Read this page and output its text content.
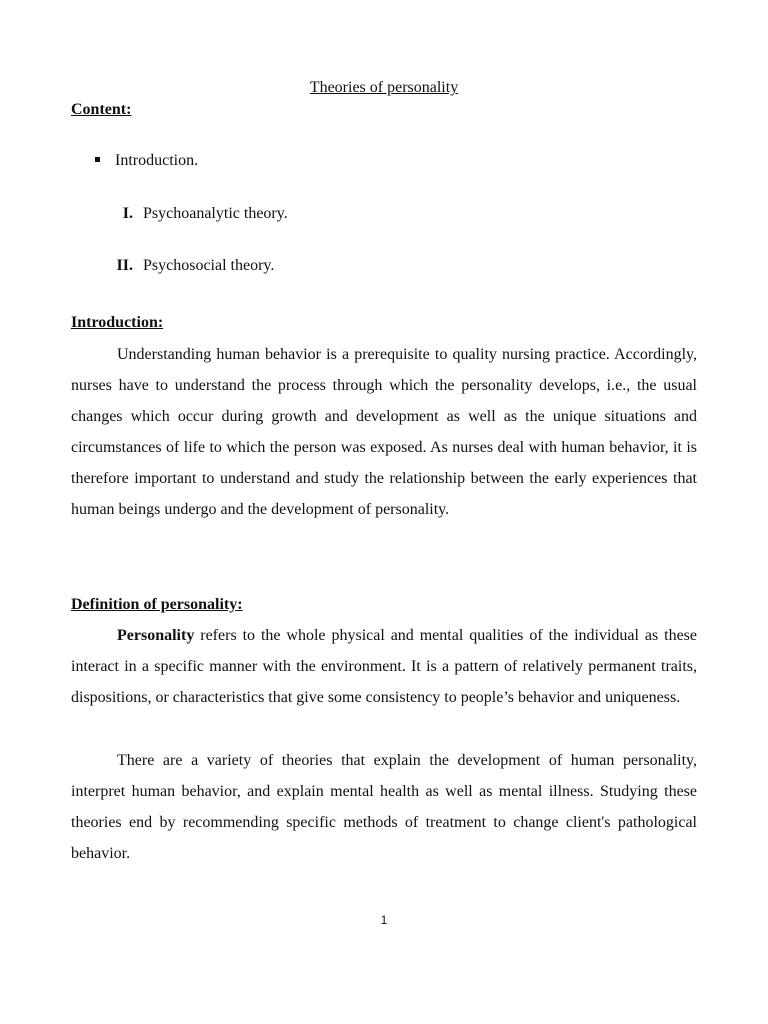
Theories of personality
Content:
Introduction.
I. Psychoanalytic theory.
II. Psychosocial theory.
Introduction:

Understanding human behavior is a prerequisite to quality nursing practice. Accordingly, nurses have to understand the process through which the personality develops, i.e., the usual changes which occur during growth and development as well as the unique situations and circumstances of life to which the person was exposed. As nurses deal with human behavior, it is therefore important to understand and study the relationship between the early experiences that human beings undergo and the development of personality.

Definition of personality:

Personality refers to the whole physical and mental qualities of the individual as these interact in a specific manner with the environment. It is a pattern of relatively permanent traits, dispositions, or characteristics that give some consistency to people’s behavior and uniqueness.

There are a variety of theories that explain the development of human personality, interpret human behavior, and explain mental health as well as mental illness. Studying these theories end by recommending specific methods of treatment to change client's pathological behavior.

1
